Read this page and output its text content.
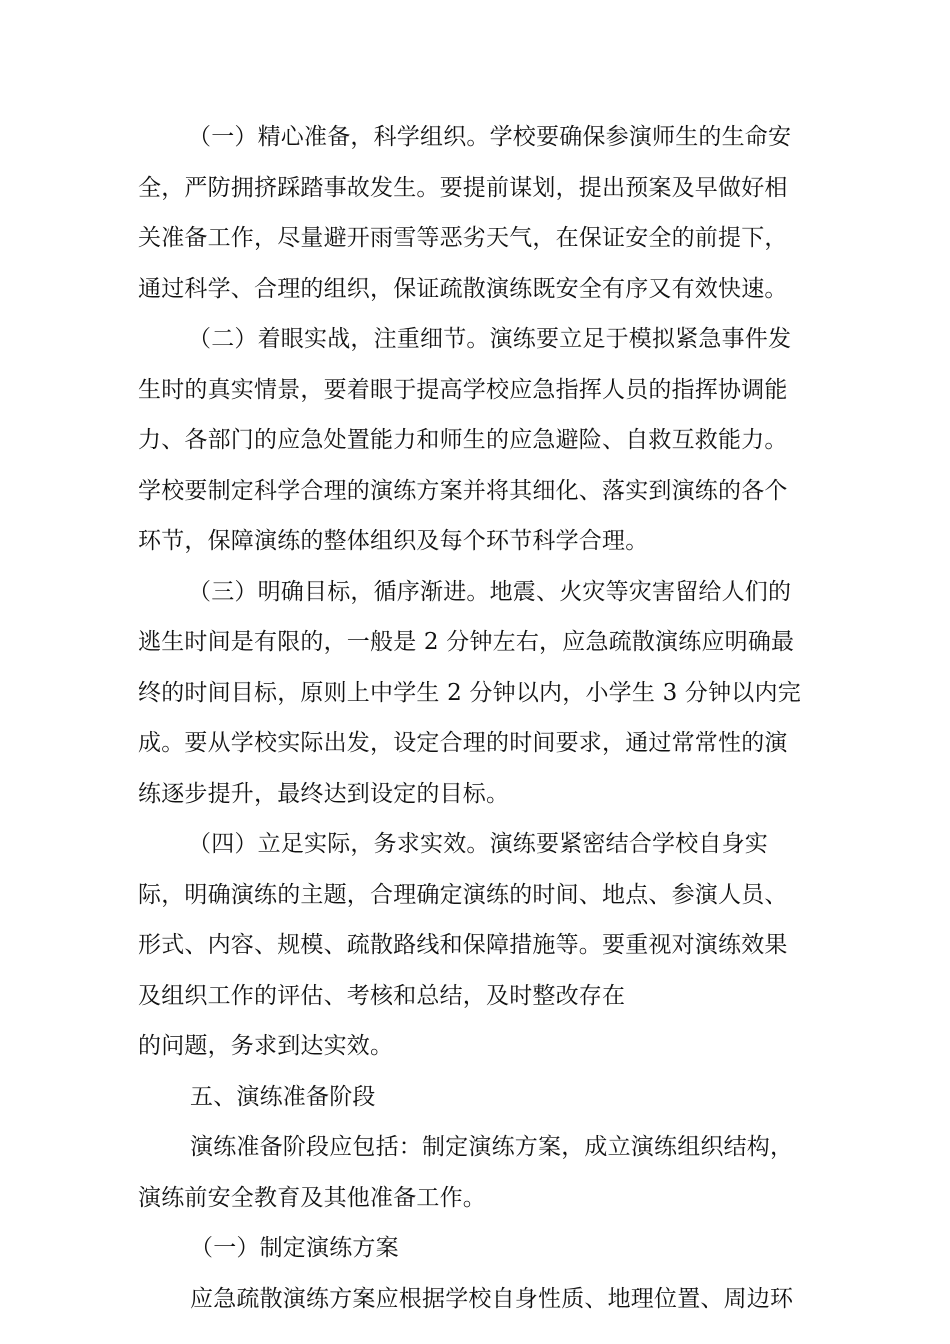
（一）精心准备，科学组织。学校要确保参演师生的生命安
全，严防拥挤踩踏事故发生。要提前谋划，提出预案及早做好相
关准备工作，尽量避开雨雪等恶劣天气，在保证安全的前提下，
通过科学、合理的组织，保证疏散演练既安全有序又有效快速。
（二）着眼实战，注重细节。演练要立足于模拟紧急事件发
生时的真实情景，要着眼于提高学校应急指挥人员的指挥协调能
力、各部门的应急处置能力和师生的应急避险、自救互救能力。
学校要制定科学合理的演练方案并将其细化、落实到演练的各个
环节，保障演练的整体组织及每个环节科学合理。
（三）明确目标，循序渐进。地震、火灾等灾害留给人们的
逃生时间是有限的，一般是 2 分钟左右，应急疏散演练应明确最
终的时间目标，原则上中学生 2 分钟以内，小学生 3 分钟以内完
成。要从学校实际出发，设定合理的时间要求，通过常常性的演
练逐步提升，最终达到设定的目标。
（四）立足实际，务求实效。演练要紧密结合学校自身实
际，明确演练的主题，合理确定演练的时间、地点、参演人员、
形式、内容、规模、疏散路线和保障措施等。要重视对演练效果
及组织工作的评估、考核和总结，及时整改存在
的问题，务求到达实效。
五、演练准备阶段
演练准备阶段应包括：制定演练方案，成立演练组织结构，
演练前安全教育及其他准备工作。
（一）制定演练方案
应急疏散演练方案应根据学校自身性质、地理位置、周边环
